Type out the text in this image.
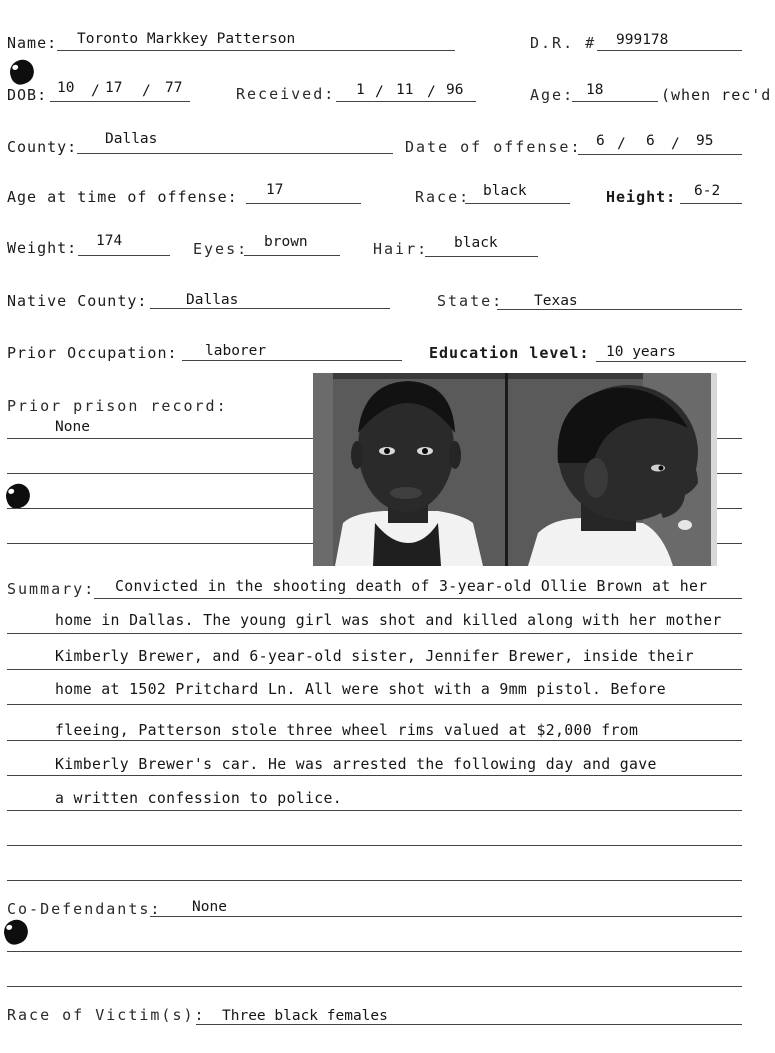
Name: Toronto Markkey Patterson	D.R. # 999178
DOB: 10 / 17 / 77	Received: 1 / 11 / 96	Age: 18	(when rec'd
County: Dallas	Date of offense: 6 / 6 / 95
Age at time of offense: 17	Race: black	Height: 6-2
Weight: 174	Eyes: brown	Hair: black
Native County:	Dallas	State: Texas
Prior Occupation: laborer	Education level: 10 years
Prior prison record:
None
Summary: Convicted in the shooting death of 3-year-old Ollie Brown at her
home in Dallas. The young girl was shot and killed along with her mother
Kimberly Brewer, and 6-year-old sister, Jennifer Brewer, inside their
home at 1502 Pritchard Ln. All were shot with a 9mm pistol. Before
fleeing, Patterson stole three wheel rims valued at $2,000 from
Kimberly Brewer's car. He was arrested the following day and gave
a written confession to police.
Co-Defendants: None
Race of Victim(s): Three black females
